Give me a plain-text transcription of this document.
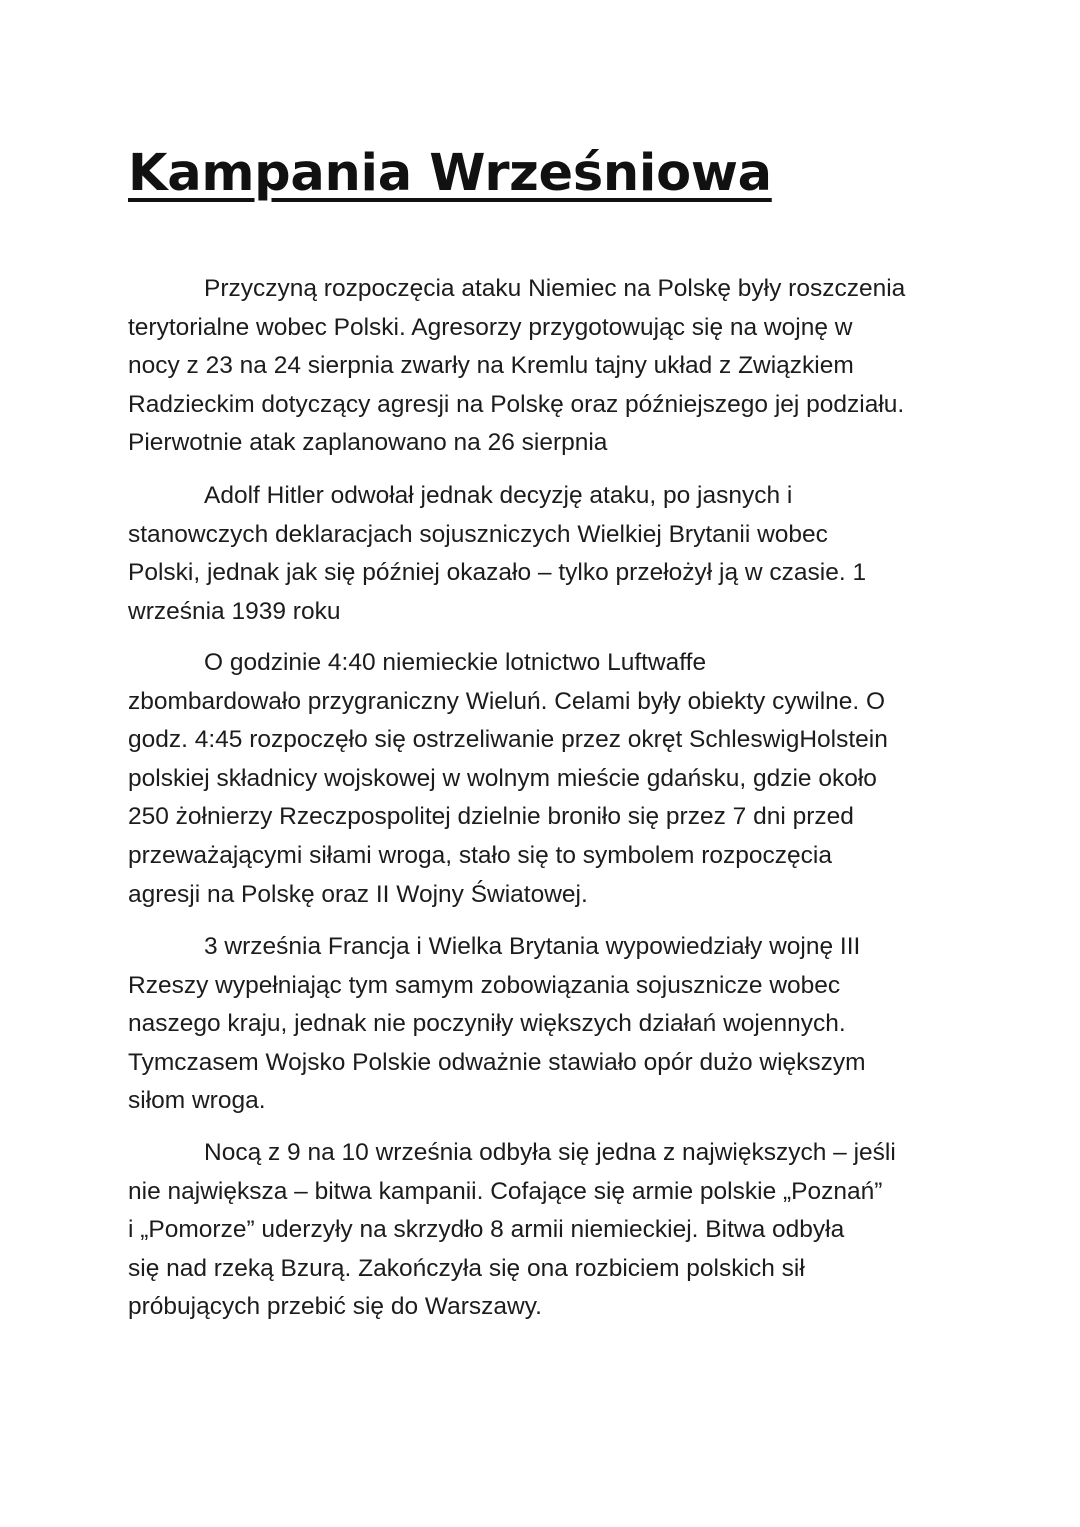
Kampania Wrześniowa

Przyczyną rozpoczęcia ataku Niemiec na Polskę były roszczenia
terytorialne wobec Polski. Agresorzy przygotowując się na wojnę w
nocy z 23 na 24 sierpnia zwarły na Kremlu tajny układ z Związkiem
Radzieckim dotyczący agresji na Polskę oraz późniejszego jej podziału.
Pierwotnie atak zaplanowano na 26 sierpnia

Adolf Hitler odwołał jednak decyzję ataku, po jasnych i
stanowczych deklaracjach sojuszniczych Wielkiej Brytanii wobec
Polski, jednak jak się później okazało – tylko przełożył ją w czasie. 1
września 1939 roku

O godzinie 4:40 niemieckie lotnictwo Luftwaffe
zbombardowało przygraniczny Wieluń. Celami były obiekty cywilne. O
godz. 4:45 rozpoczęło się ostrzeliwanie przez okręt SchleswigHolstein
polskiej składnicy wojskowej w wolnym mieście gdańsku, gdzie około
250 żołnierzy Rzeczpospolitej dzielnie broniło się przez 7 dni przed
przeważającymi siłami wroga, stało się to symbolem rozpoczęcia
agresji na Polskę oraz II Wojny Światowej.

3 września Francja i Wielka Brytania wypowiedziały wojnę III
Rzeszy wypełniając tym samym zobowiązania sojusznicze wobec
naszego kraju, jednak nie poczyniły większych działań wojennych.
Tymczasem Wojsko Polskie odważnie stawiało opór dużo większym
siłom wroga.

Nocą z 9 na 10 września odbyła się jedna z największych – jeśli
nie największa – bitwa kampanii. Cofające się armie polskie „Poznań”
i „Pomorze” uderzyły na skrzydło 8 armii niemieckiej. Bitwa odbyła
się nad rzeką Bzurą. Zakończyła się ona rozbiciem polskich sił
próbujących przebić się do Warszawy.
